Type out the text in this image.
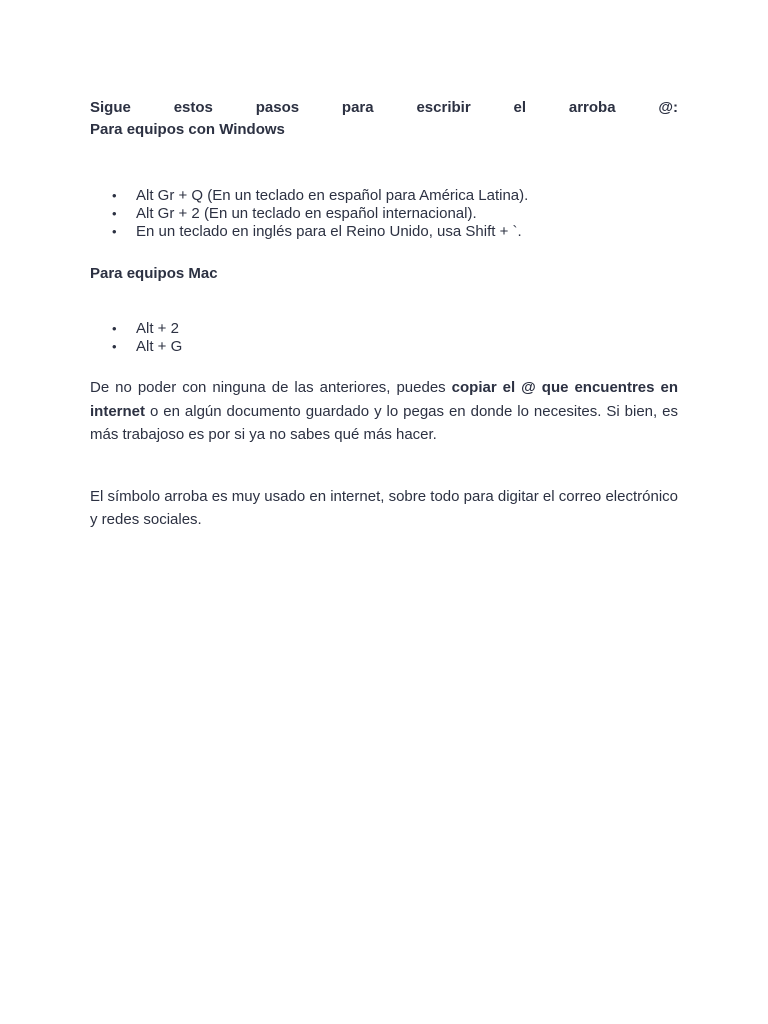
Sigue	estos	pasos	para	escribir	el	arroba	@:

Para equipos con Windows

• Alt Gr + Q (En un teclado en español para América Latina).
• Alt Gr + 2 (En un teclado en español internacional).
• En un teclado en inglés para el Reino Unido, usa Shift + `.

Para equipos Mac

• Alt + 2
• Alt + G

De no poder con ninguna de las anteriores, puedes copiar el @ que encuentres en internet o en algún documento guardado y lo pegas en donde lo necesites. Si bien, es más trabajoso es por si ya no sabes qué más hacer.

El símbolo arroba es muy usado en internet, sobre todo para digitar el correo electrónico y redes sociales.
